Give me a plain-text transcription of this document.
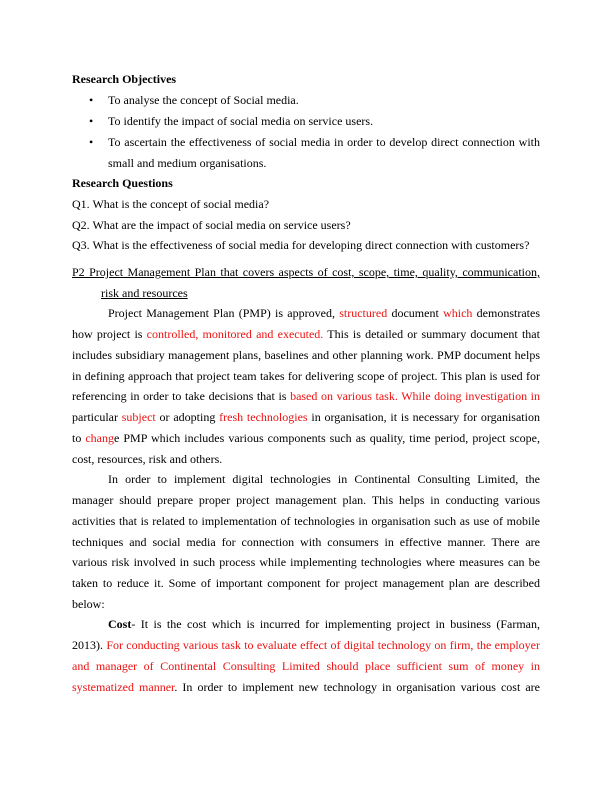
Research Objectives
•	To analyse the concept of Social media.
•	To identify the impact of social media on service users.
•	To ascertain the effectiveness of social media in order to develop direct connection with
small and medium organisations.
Research Questions
Q1. What is the concept of social media?
Q2. What are the impact of social media on service users?
Q3. What is the effectiveness of social media for developing direct connection with customers?
P2 Project Management Plan that covers aspects of cost, scope, time, quality, communication,
risk and resources
Project Management Plan (PMP) is approved, structured document which demonstrates
how project is controlled, monitored and executed. This is detailed or summary document that
includes subsidiary management plans, baselines and other planning work. PMP document helps
in defining approach that project team takes for delivering scope of project. This plan is used for
referencing in order to take decisions that is based on various task. While doing investigation in
particular subject or adopting fresh technologies in organisation, it is necessary for organisation
to change PMP which includes various components such as quality, time period, project scope,
cost, resources, risk and others.
In order to implement digital technologies in Continental Consulting Limited, the
manager should prepare proper project management plan. This helps in conducting various
activities that is related to implementation of technologies in organisation such as use of mobile
techniques and social media for connection with consumers in effective manner. There are
various risk involved in such process while implementing technologies where measures can be
taken to reduce it. Some of important component for project management plan are described
below:
Cost- It is the cost which is incurred for implementing project in business (Farman,
2013). For conducting various task to evaluate effect of digital technology on firm, the employer
and manager of Continental Consulting Limited should place sufficient sum of money in
systematized manner. In order to implement new technology in organisation various cost are
